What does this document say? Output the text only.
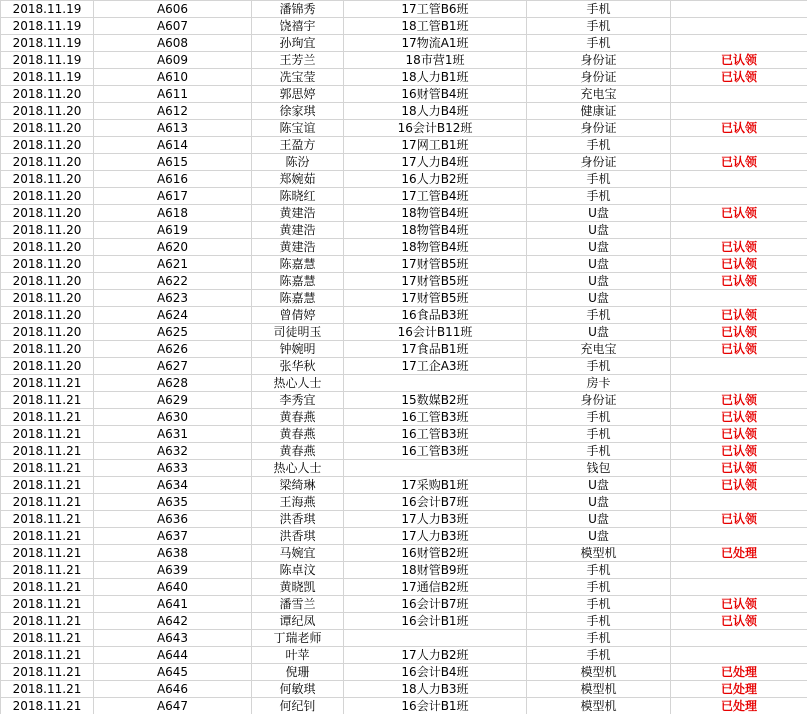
2018.11.19	A606	潘锦秀	17工管B6班	手机	
2018.11.19	A607	饶禧宇	18工管B1班	手机	
2018.11.19	A608	孙珣宜	17物流A1班	手机	
2018.11.19	A609	王芳兰	18市营1班	身份证	已认领
2018.11.19	A610	冼宝莹	18人力B1班	身份证	已认领
2018.11.20	A611	郭思婷	16财管B4班	充电宝	
2018.11.20	A612	徐家琪	18人力B4班	健康证	
2018.11.20	A613	陈宝谊	16会计B12班	身份证	已认领
2018.11.20	A614	王盈方	17网工B1班	手机	
2018.11.20	A615	陈汾	17人力B4班	身份证	已认领
2018.11.20	A616	郑婉茹	16人力B2班	手机	
2018.11.20	A617	陈晓红	17工管B4班	手机	
2018.11.20	A618	黄建浩	18物管B4班	U盘	已认领
2018.11.20	A619	黄建浩	18物管B4班	U盘	
2018.11.20	A620	黄建浩	18物管B4班	U盘	已认领
2018.11.20	A621	陈嘉慧	17财管B5班	U盘	已认领
2018.11.20	A622	陈嘉慧	17财管B5班	U盘	已认领
2018.11.20	A623	陈嘉慧	17财管B5班	U盘	
2018.11.20	A624	曾倩婷	16食品B3班	手机	已认领
2018.11.20	A625	司徒明玉	16会计B11班	U盘	已认领
2018.11.20	A626	钟婉明	17食品B1班	充电宝	已认领
2018.11.20	A627	张华秋	17工企A3班	手机	
2018.11.21	A628	热心人士		房卡	
2018.11.21	A629	李秀宜	15数媒B2班	身份证	已认领
2018.11.21	A630	黄春燕	16工管B3班	手机	已认领
2018.11.21	A631	黄春燕	16工管B3班	手机	已认领
2018.11.21	A632	黄春燕	16工管B3班	手机	已认领
2018.11.21	A633	热心人士		钱包	已认领
2018.11.21	A634	梁绮琳	17采购B1班	U盘	已认领
2018.11.21	A635	王海燕	16会计B7班	U盘	
2018.11.21	A636	洪香琪	17人力B3班	U盘	已认领
2018.11.21	A637	洪香琪	17人力B3班	U盘	
2018.11.21	A638	马婉宜	16财管B2班	模型机	已处理
2018.11.21	A639	陈卓汶	18财管B9班	手机	
2018.11.21	A640	黄晓凯	17通信B2班	手机	
2018.11.21	A641	潘雪兰	16会计B7班	手机	已认领
2018.11.21	A642	谭纪凤	16会计B1班	手机	已认领
2018.11.21	A643	丁瑞老师		手机	
2018.11.21	A644	叶苹	17人力B2班	手机	
2018.11.21	A645	倪珊	16会计B4班	模型机	已处理
2018.11.21	A646	何敏琪	18人力B3班	模型机	已处理
2018.11.21	A647	何纪钊	16会计B1班	模型机	已处理
